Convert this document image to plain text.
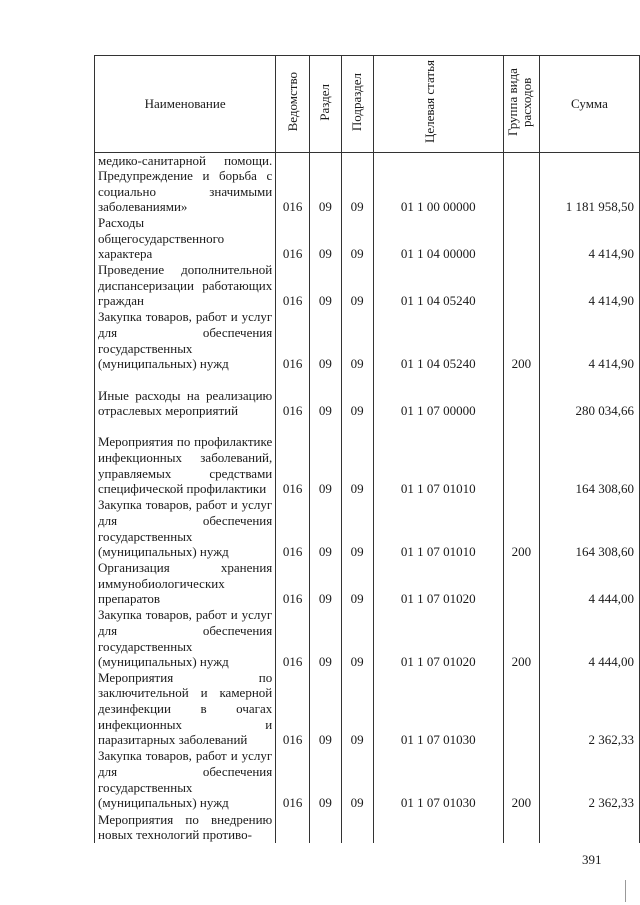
Наименование	Ведомство	Раздел	Подраздел	Целевая статья	Группа вида расходов	Сумма
медико-санитарной помощи. Предупреждение и борьба с социально значимыми заболеваниями»	016	09	09	01 1 00 00000		1 181 958,50
Расходы общегосударственного характера	016	09	09	01 1 04 00000		4 414,90
Проведение дополнительной диспансеризации работающих граждан	016	09	09	01 1 04 05240		4 414,90
Закупка товаров, работ и услуг для обеспечения государственных (муниципальных) нужд	016	09	09	01 1 04 05240	200	4 414,90
Иные расходы на реализацию отраслевых мероприятий	016	09	09	01 1 07 00000		280 034,66
Мероприятия по профилактике инфекционных заболеваний, управляемых средствами специфической профилактики	016	09	09	01 1 07 01010		164 308,60
Закупка товаров, работ и услуг для обеспечения государственных (муниципальных) нужд	016	09	09	01 1 07 01010	200	164 308,60
Организация хранения иммунобиологических препаратов	016	09	09	01 1 07 01020		4 444,00
Закупка товаров, работ и услуг для обеспечения государственных (муниципальных) нужд	016	09	09	01 1 07 01020	200	4 444,00
Мероприятия по заключительной и камерной дезинфекции в очагах инфекционных и паразитарных заболеваний	016	09	09	01 1 07 01030		2 362,33
Закупка товаров, работ и услуг для обеспечения государственных (муниципальных) нужд	016	09	09	01 1 07 01030	200	2 362,33
Мероприятия по внедрению новых технологий противо-						
391
